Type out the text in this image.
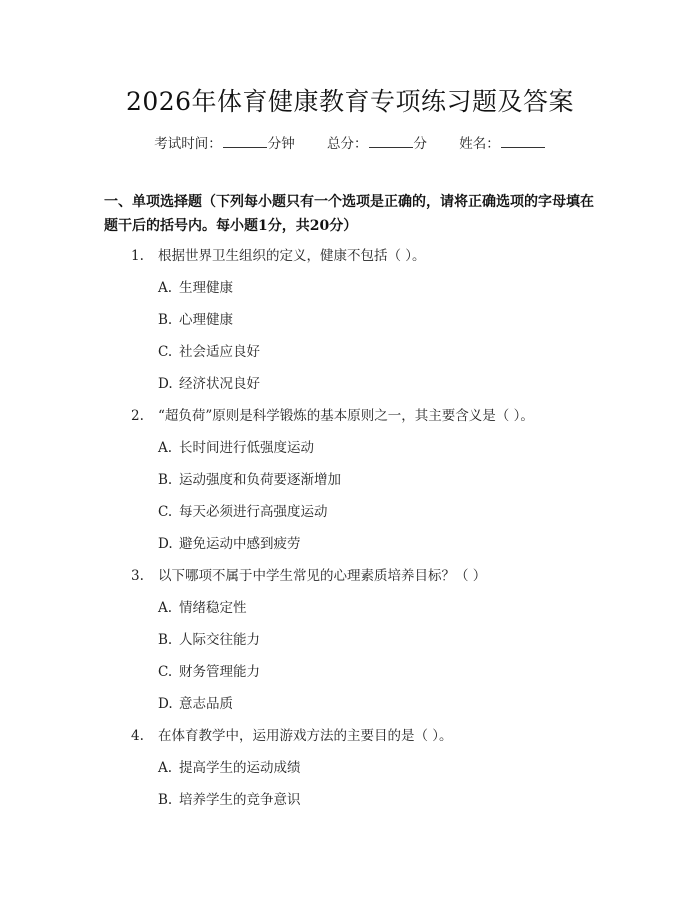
2026年体育健康教育专项练习题及答案
考试时间：	分钟 总分：	分 姓名：
一、单项选择题（下列每小题只有一个选项是正确的，请将正确选项的字母填在题干后的括号内。每小题1分，共20分）
1. 根据世界卫生组织的定义，健康不包括（ ）。
A. 生理健康
B. 心理健康
C. 社会适应良好
D. 经济状况良好
2. “超负荷”原则是科学锻炼的基本原则之一，其主要含义是（ ）。
A. 长时间进行低强度运动
B. 运动强度和负荷要逐渐增加
C. 每天必须进行高强度运动
D. 避免运动中感到疲劳
3. 以下哪项不属于中学生常见的心理素质培养目标？（ ）
A. 情绪稳定性
B. 人际交往能力
C. 财务管理能力
D. 意志品质
4. 在体育教学中，运用游戏方法的主要目的是（ ）。
A. 提高学生的运动成绩
B. 培养学生的竞争意识
